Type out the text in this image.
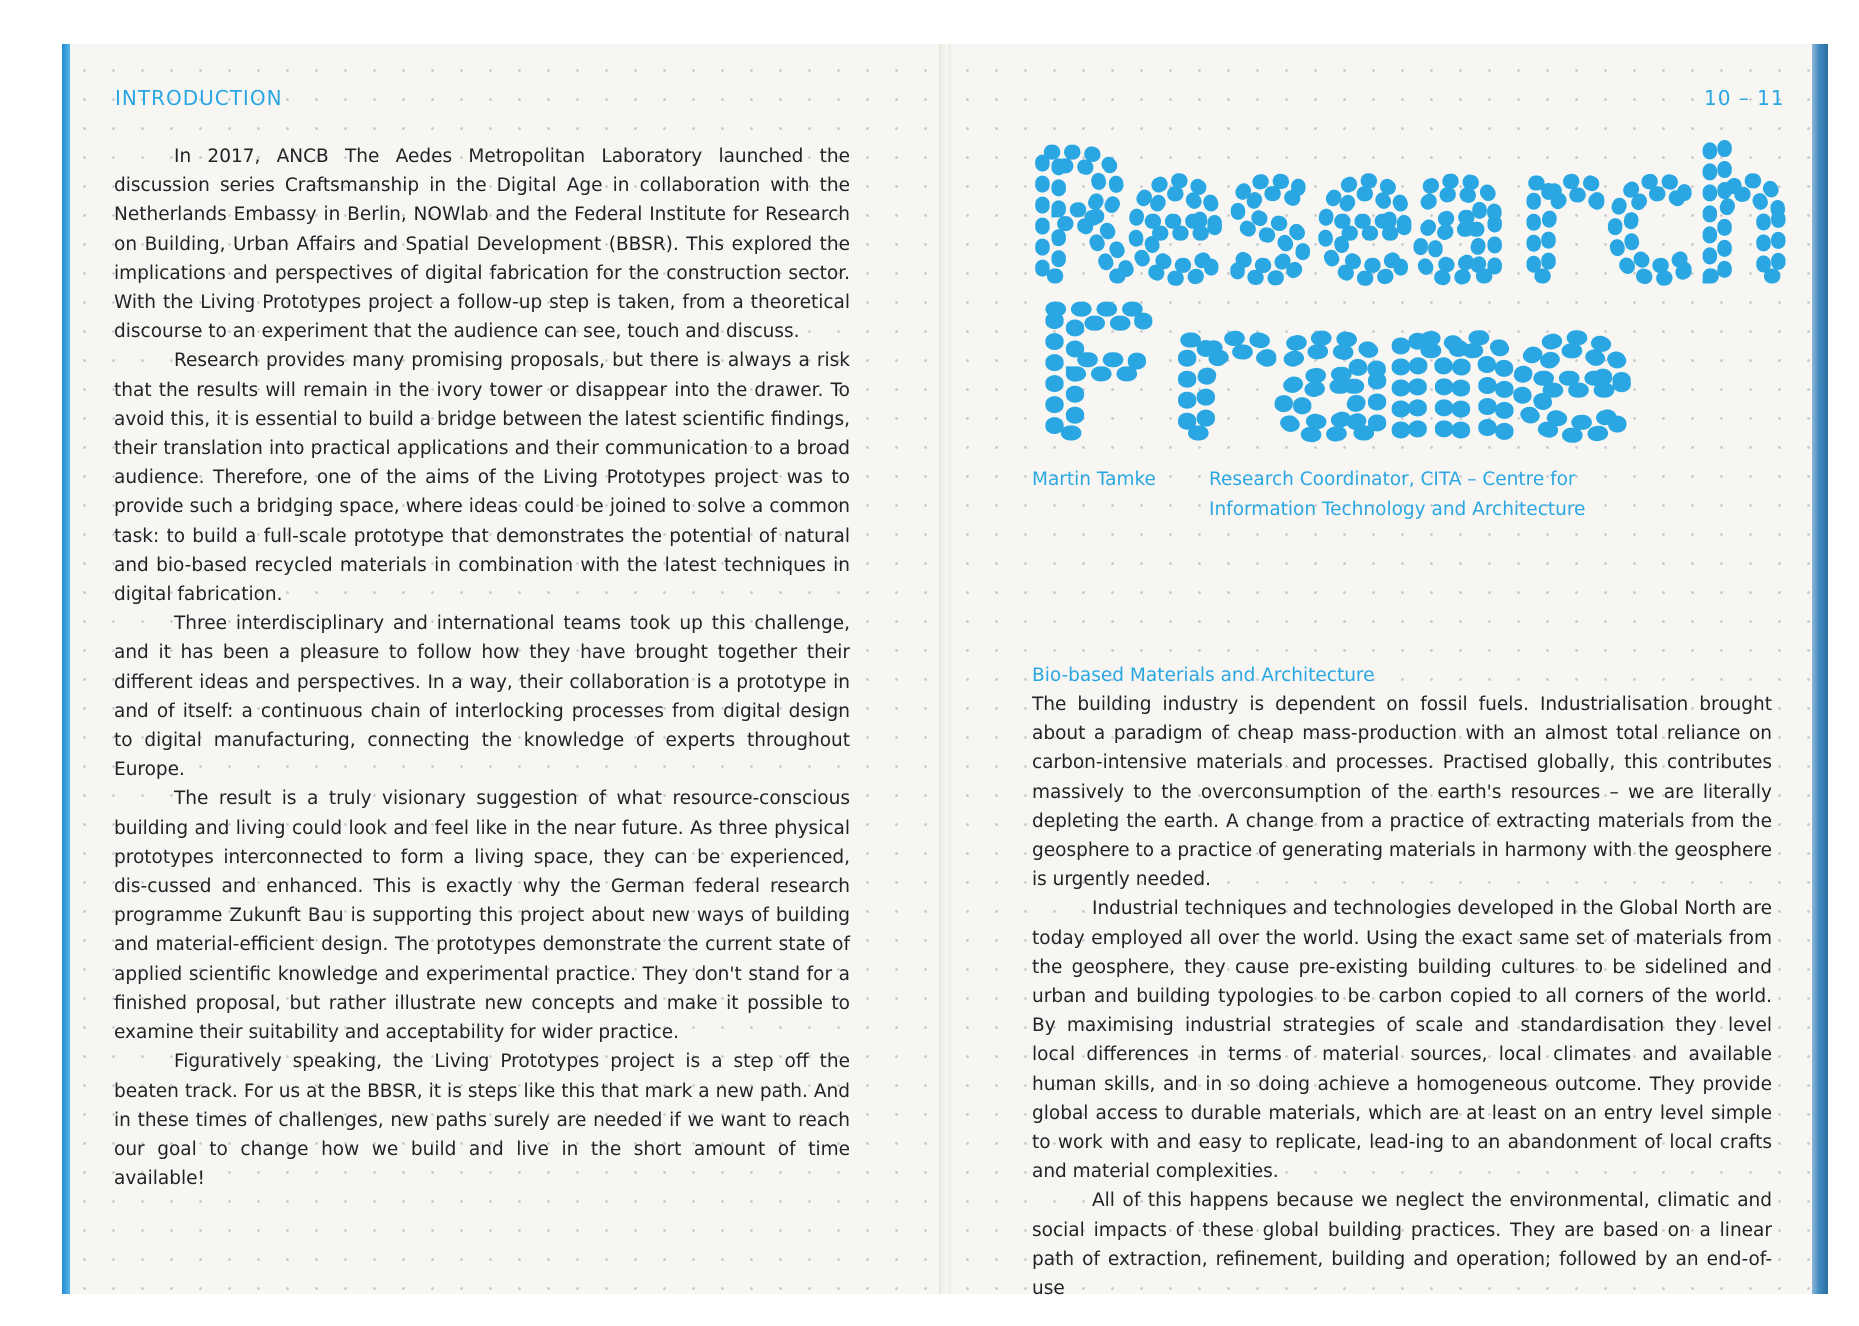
INTRODUCTION	10 – 11

In 2017, ANCB The Aedes Metropolitan Laboratory launched the discussion series Craftsmanship in the Digital Age in collaboration with the Netherlands Embassy in Berlin, NOWlab and the Federal Institute for Research on Building, Urban Affairs and Spatial Development (BBSR). This explored the implications and perspectives of digital fabrication for the construction sector. With the Living Prototypes project a follow-up step is taken, from a theoretical discourse to an experiment that the audience can see, touch and discuss.

Research provides many promising proposals, but there is always a risk that the results will remain in the ivory tower or disappear into the drawer. To avoid this, it is essential to build a bridge between the latest scientific findings, their translation into practical applications and their communication to a broad audience. Therefore, one of the aims of the Living Prototypes project was to provide such a bridging space, where ideas could be joined to solve a common task: to build a full-scale prototype that demonstrates the potential of natural and bio-based recycled materials in combination with the latest techniques in digital fabrication.

Three interdisciplinary and international teams took up this challenge, and it has been a pleasure to follow how they have brought together their different ideas and perspectives. In a way, their collaboration is a prototype in and of itself: a continuous chain of interlocking processes from digital design to digital manufacturing, connecting the knowledge of experts throughout Europe.

The result is a truly visionary suggestion of what resource-conscious building and living could look and feel like in the near future. As three physical prototypes interconnected to form a living space, they can be experienced, dis-cussed and enhanced. This is exactly why the German federal research programme Zukunft Bau is supporting this project about new ways of building and material-efficient design. The prototypes demonstrate the current state of applied scientific knowledge and experimental practice. They don't stand for a finished proposal, but rather illustrate new concepts and make it possible to examine their suitability and acceptability for wider practice.

Figuratively speaking, the Living Prototypes project is a step off the beaten track. For us at the BBSR, it is steps like this that mark a new path. And in these times of challenges, new paths surely are needed if we want to reach our goal to change how we build and live in the short amount of time available!

Research
Frame
Martin Tamke	Research Coordinator, CITA – Centre for Information Technology and Architecture
Bio-based Materials and Architecture

The building industry is dependent on fossil fuels. Industrialisation brought about a paradigm of cheap mass-production with an almost total reliance on carbon-intensive materials and processes. Practised globally, this contributes massively to the overconsumption of the earth's resources – we are literally depleting the earth. A change from a practice of extracting materials from the geosphere to a practice of generating materials in harmony with the geosphere is urgently needed.

Industrial techniques and technologies developed in the Global North are today employed all over the world. Using the exact same set of materials from the geosphere, they cause pre-existing building cultures to be sidelined and urban and building typologies to be carbon copied to all corners of the world. By maximising industrial strategies of scale and standardisation they level local differences in terms of material sources, local climates and available human skills, and in so doing achieve a homogeneous outcome. They provide global access to durable materials, which are at least on an entry level simple to work with and easy to replicate, lead-ing to an abandonment of local crafts and material complexities.

All of this happens because we neglect the environmental, climatic and social impacts of these global building practices. They are based on a linear path of extraction, refinement, building and operation; followed by an end-of-use
